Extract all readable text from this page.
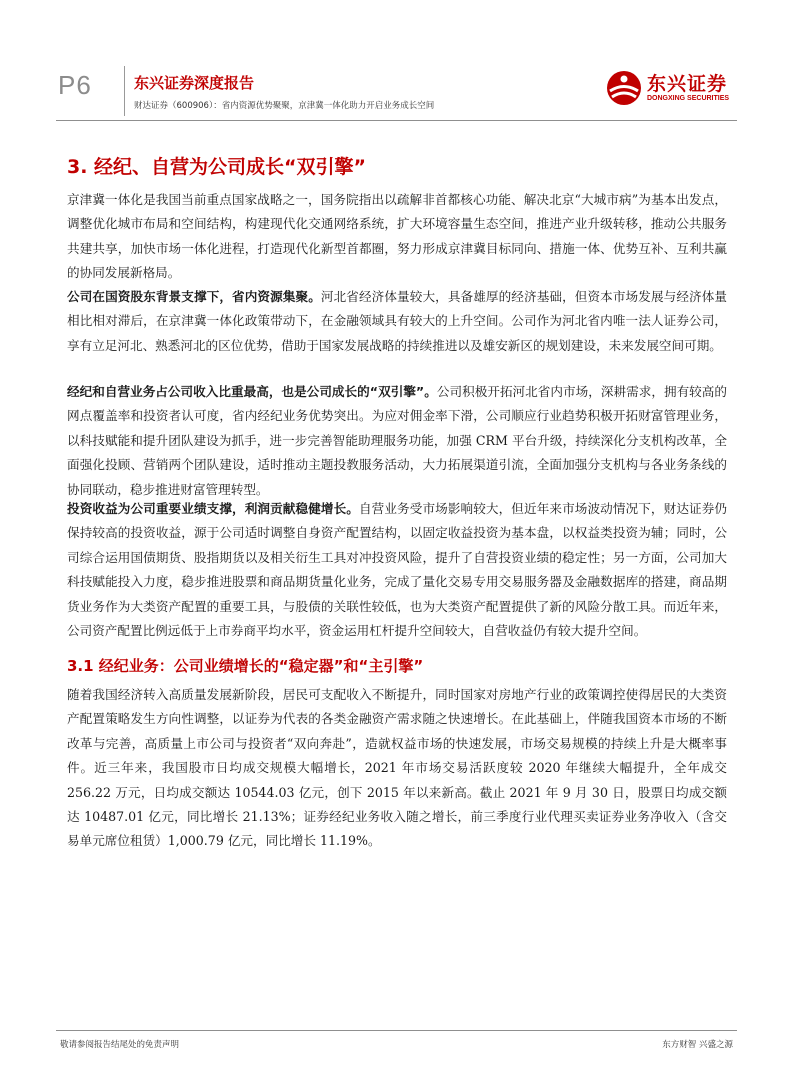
P6	东兴证券深度报告
财达证券（600906）：省内资源优势聚聚，京津冀一体化助力开启业务成长空间
东兴证券
DONGXING SECURITIES
3. 经纪、自营为公司成长“双引擎”

京津冀一体化是我国当前重点国家战略之一，国务院指出以疏解非首都核心功能、解决北京“大城市病”为基本出发点，调整优化城市布局和空间结构，构建现代化交通网络系统，扩大环境容量生态空间，推进产业升级转移，推动公共服务共建共享，加快市场一体化进程，打造现代化新型首都圈，努力形成京津冀目标同向、措施一体、优势互补、互利共赢的协同发展新格局。

公司在国资股东背景支撑下，省内资源集聚。河北省经济体量较大，具备雄厚的经济基础，但资本市场发展与经济体量相比相对滞后，在京津冀一体化政策带动下，在金融领域具有较大的上升空间。公司作为河北省内唯一法人证券公司，享有立足河北、熟悉河北的区位优势，借助于国家发展战略的持续推进以及雄安新区的规划建设，未来发展空间可期。

经纪和自营业务占公司收入比重最高，也是公司成长的“双引擎”。公司积极开拓河北省内市场，深耕需求，拥有较高的网点覆盖率和投资者认可度，省内经纪业务优势突出。为应对佣金率下滑，公司顺应行业趋势积极开拓财富管理业务，以科技赋能和提升团队建设为抓手，进一步完善智能助理服务功能，加强 CRM 平台升级，持续深化分支机构改革，全面强化投顾、营销两个团队建设，适时推动主题投教服务活动，大力拓展渠道引流，全面加强分支机构与各业务条线的协同联动，稳步推进财富管理转型。

投资收益为公司重要业绩支撑，利润贡献稳健增长。自营业务受市场影响较大，但近年来市场波动情况下，财达证券仍保持较高的投资收益，源于公司适时调整自身资产配置结构，以固定收益投资为基本盘，以权益类投资为辅；同时，公司综合运用国债期货、股指期货以及相关衍生工具对冲投资风险，提升了自营投资业绩的稳定性；另一方面，公司加大科技赋能投入力度，稳步推进股票和商品期货量化业务，完成了量化交易专用交易服务器及金融数据库的搭建，商品期货业务作为大类资产配置的重要工具，与股债的关联性较低，也为大类资产配置提供了新的风险分散工具。而近年来，公司资产配置比例远低于上市券商平均水平，资金运用杠杆提升空间较大，自营收益仍有较大提升空间。

3.1 经纪业务：公司业绩增长的“稳定器”和“主引擎”

随着我国经济转入高质量发展新阶段，居民可支配收入不断提升，同时国家对房地产行业的政策调控使得居民的大类资产配置策略发生方向性调整，以证券为代表的各类金融资产需求随之快速增长。在此基础上，伴随我国资本市场的不断改革与完善，高质量上市公司与投资者“双向奔赴”，造就权益市场的快速发展，市场交易规模的持续上升是大概率事件。近三年来，我国股市日均成交规模大幅增长，2021 年市场交易活跃度较 2020 年继续大幅提升，全年成交 256.22 万元，日均成交额达 10544.03 亿元，创下 2015 年以来新高。截止 2021 年 9 月 30 日，股票日均成交额达 10487.01 亿元，同比增长 21.13%；证券经纪业务收入随之增长，前三季度行业代理买卖证券业务净收入（含交易单元席位租赁）1,000.79 亿元，同比增长 11.19%。

敬请参阅报告结尾处的免责声明	东方财智 兴盛之源
